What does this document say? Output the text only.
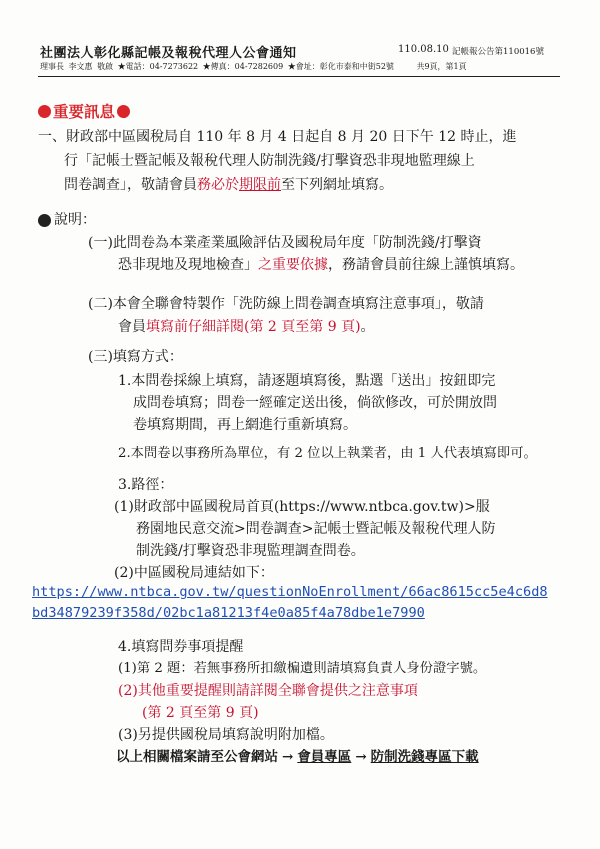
社團法人彰化縣記帳及報稅代理人公會通知	110.08.10 記帳報公告第110016號
理事長 李文惠 敬啟 ★電話：04-7273622 ★傳真：04-7282609 ★會址：彰化市泰和中街52號	共9頁，第1頁
重要訊息
一、財政部中區國稅局自 110 年 8 月 4 日起自 8 月 20 日下午 12 時止，進
行「記帳士暨記帳及報稅代理人防制洗錢/打擊資恐非現地監理線上
問卷調查」，敬請會員務必於期限前至下列網址填寫。
說明：
(一)此問卷為本業產業風險評估及國稅局年度「防制洗錢/打擊資
恐非現地及現地檢查」之重要依據，務請會員前往線上謹慎填寫。
(二)本會全聯會特製作「洗防線上問卷調查填寫注意事項」，敬請
會員填寫前仔細詳閱(第 2 頁至第 9 頁)。
(三)填寫方式：
1.本問卷採線上填寫，請逐題填寫後，點選「送出」按鈕即完
成問卷填寫；問卷一經確定送出後，倘欲修改，可於開放問
卷填寫期間，再上網進行重新填寫。
2.本問卷以事務所為單位，有 2 位以上執業者，由 1 人代表填寫即可。
3.路徑：
(1)財政部中區國稅局首頁(https://www.ntbca.gov.tw)>服
務園地民意交流>問卷調查>記帳士暨記帳及報稅代理人防
制洗錢/打擊資恐非現監理調查問卷。
(2)中區國稅局連結如下：
https://www.ntbca.gov.tw/questionNoEnrollment/66ac8615cc5e4c6d8
bd34879239f358d/02bc1a81213f4e0a85f4a78dbe1e7990
4.填寫問券事項提醒
(1)第 2 題：若無事務所扣繳楄遺則請填寫負責人身份證字號。
(2)其他重要提醒則請詳閱全聯會提供之注意事項
(第 2 頁至第 9 頁)
(3)另提供國稅局填寫說明附加檔。
以上相關檔案請至公會網站 → 會員專區 → 防制洗錢專區下載
